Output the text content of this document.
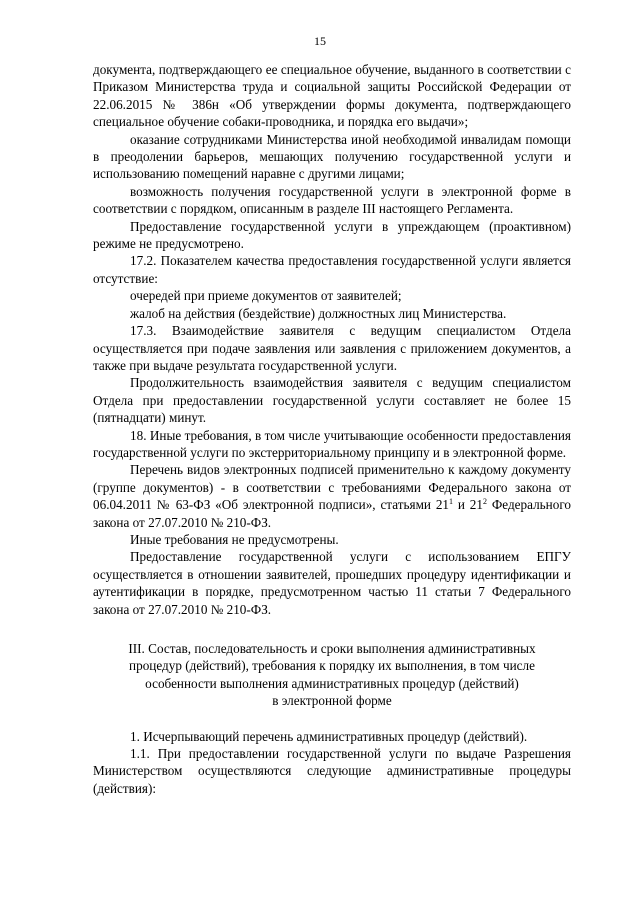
15

документа, подтверждающего ее специальное обучение, выданного в соответствии с Приказом Министерства труда и социальной защиты Российской Федерации от 22.06.2015 № 386н «Об утверждении формы документа, подтверждающего специальное обучение собаки-проводника, и порядка его выдачи»;

оказание сотрудниками Министерства иной необходимой инвалидам помощи в преодолении барьеров, мешающих получению государственной услуги и использованию помещений наравне с другими лицами;

возможность получения государственной услуги в электронной форме в соответствии с порядком, описанным в разделе III настоящего Регламента.

Предоставление государственной услуги в упреждающем (проактивном) режиме не предусмотрено.

17.2. Показателем качества предоставления государственной услуги является отсутствие:

очередей при приеме документов от заявителей;

жалоб на действия (бездействие) должностных лиц Министерства.

17.3. Взаимодействие заявителя с ведущим специалистом Отдела осуществляется при подаче заявления или заявления с приложением документов, а также при выдаче результата государственной услуги.

Продолжительность взаимодействия заявителя с ведущим специалистом Отдела при предоставлении государственной услуги составляет не более 15 (пятнадцати) минут.

18. Иные требования, в том числе учитывающие особенности предоставления государственной услуги по экстерриториальному принципу и в электронной форме.

Перечень видов электронных подписей применительно к каждому документу (группе документов) - в соответствии с требованиями Федерального закона от 06.04.2011 № 63-ФЗ «Об электронной подписи», статьями $21^1$ и $21^2$ Федерального закона от 27.07.2010 № 210-ФЗ.

Иные требования не предусмотрены.

Предоставление государственной услуги с использованием ЕПГУ осуществляется в отношении заявителей, прошедших процедуру идентификации и аутентификации в порядке, предусмотренном частью 11 статьи 7 Федерального закона от 27.07.2010 № 210-ФЗ.

III. Состав, последовательность и сроки выполнения административных
процедур (действий), требования к порядку их выполнения, в том числе
особенности выполнения административных процедур (действий)
в электронной форме

1. Исчерпывающий перечень административных процедур (действий).

1.1. При предоставлении государственной услуги по выдаче Разрешения Министерством осуществляются следующие административные процедуры (действия):
